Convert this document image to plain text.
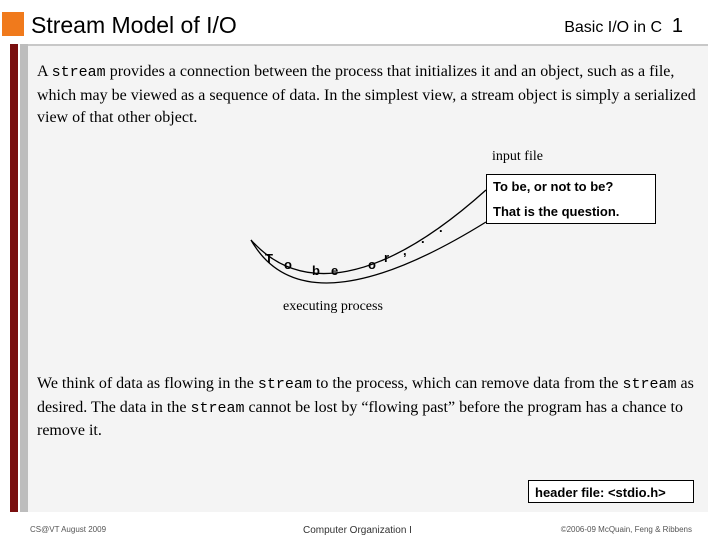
Stream Model of I/O	Basic I/O in C 1
A stream provides a connection between the process that initializes it and an object, such as a file, which may be viewed as a sequence of data. In the simplest view, a stream object is simply a serialized view of that other object.
input file
To be, or not to be?
That is the question.
T o b e o r ,
.
.
executing process
We think of data as flowing in the stream to the process, which can remove data from the stream as desired. The data in the stream cannot be lost by “flowing past” before the program has a chance to remove it.
header file: <stdio.h>
CS@VT August 2009	Computer Organization I	©2006-09 McQuain, Feng & Ribbens
